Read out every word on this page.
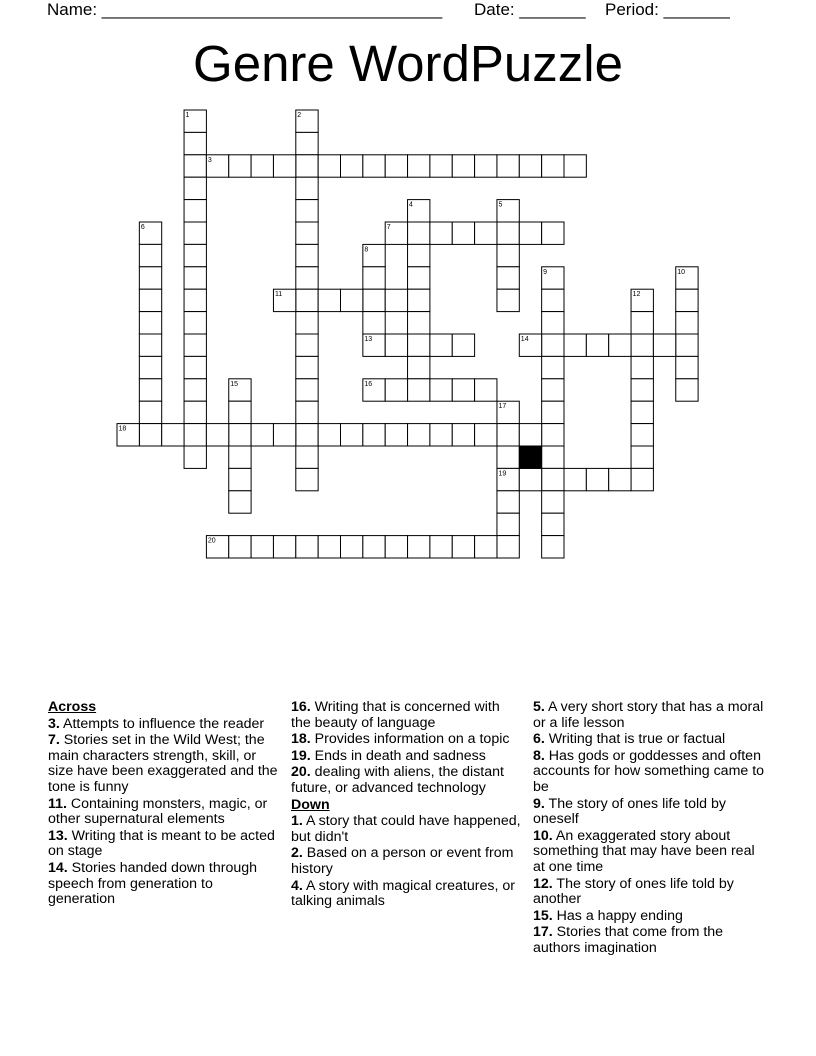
Name: ____________________________________ Date: _______ Period: _______
Genre WordPuzzle
1	2
3
4	5
6	7
8
9	10
11	12
13	14
15	16
17
18
19
20
Across
3. Attempts to influence the reader
7. Stories set in the Wild West; the main characters strength, skill, or size have been exaggerated and the tone is funny
11. Containing monsters, magic, or other supernatural elements
13. Writing that is meant to be acted on stage
14. Stories handed down through speech from generation to generation
16. Writing that is concerned with the beauty of language
18. Provides information on a topic
19. Ends in death and sadness
20. dealing with aliens, the distant future, or advanced technology
Down
1. A story that could have happened, but didn't
2. Based on a person or event from history
4. A story with magical creatures, or talking animals
5. A very short story that has a moral or a life lesson
6. Writing that is true or factual
8. Has gods or goddesses and often accounts for how something came to be
9. The story of ones life told by oneself
10. An exaggerated story about something that may have been real at one time
12. The story of ones life told by another
15. Has a happy ending
17. Stories that come from the authors imagination
